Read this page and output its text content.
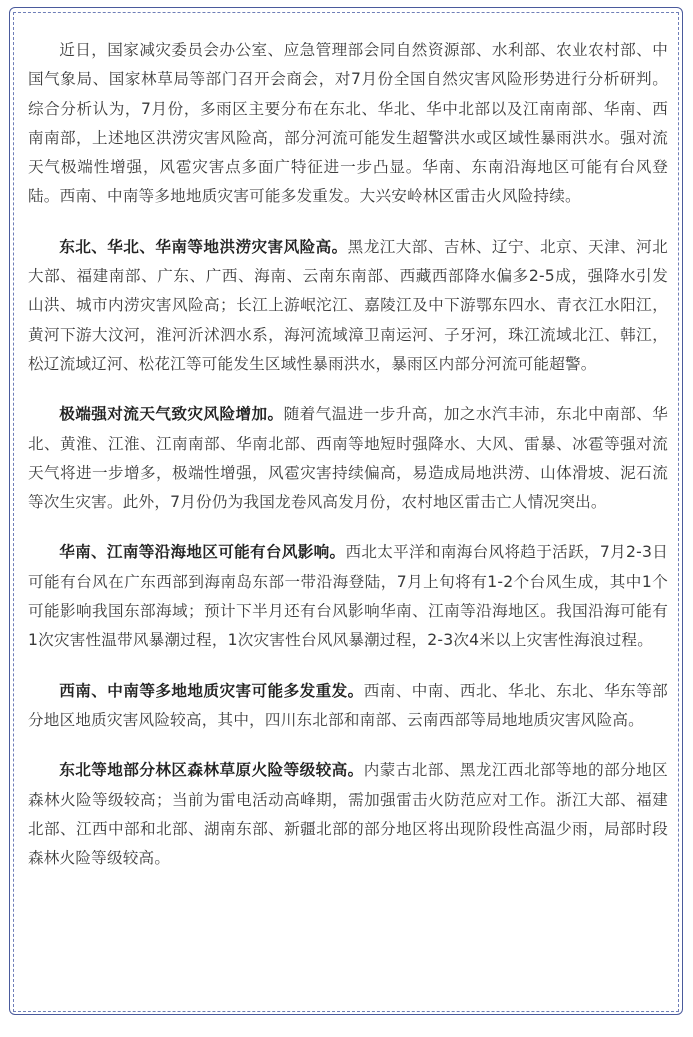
近日，国家减灾委员会办公室、应急管理部会同自然资源部、水利部、农业农村部、中国气象局、国家林草局等部门召开会商会，对7月份全国自然灾害风险形势进行分析研判。综合分析认为，7月份，多雨区主要分布在东北、华北、华中北部以及江南南部、华南、西南南部，上述地区洪涝灾害风险高，部分河流可能发生超警洪水或区域性暴雨洪水。强对流天气极端性增强，风雹灾害点多面广特征进一步凸显。华南、东南沿海地区可能有台风登陆。西南、中南等多地地质灾害可能多发重发。大兴安岭林区雷击火风险持续。

东北、华北、华南等地洪涝灾害风险高。黑龙江大部、吉林、辽宁、北京、天津、河北大部、福建南部、广东、广西、海南、云南东南部、西藏西部降水偏多2-5成，强降水引发山洪、城市内涝灾害风险高；长江上游岷沱江、嘉陵江及中下游鄂东四水、青衣江水阳江，黄河下游大汶河，淮河沂沭泗水系，海河流域漳卫南运河、子牙河，珠江流域北江、韩江，松辽流域辽河、松花江等可能发生区域性暴雨洪水，暴雨区内部分河流可能超警。

极端强对流天气致灾风险增加。随着气温进一步升高，加之水汽丰沛，东北中南部、华北、黄淮、江淮、江南南部、华南北部、西南等地短时强降水、大风、雷暴、冰雹等强对流天气将进一步增多，极端性增强，风雹灾害持续偏高，易造成局地洪涝、山体滑坡、泥石流等次生灾害。此外，7月份仍为我国龙卷风高发月份，农村地区雷击亡人情况突出。

华南、江南等沿海地区可能有台风影响。西北太平洋和南海台风将趋于活跃，7月2-3日可能有台风在广东西部到海南岛东部一带沿海登陆，7月上旬将有1-2个台风生成，其中1个可能影响我国东部海域；预计下半月还有台风影响华南、江南等沿海地区。我国沿海可能有1次灾害性温带风暴潮过程，1次灾害性台风风暴潮过程，2-3次4米以上灾害性海浪过程。

西南、中南等多地地质灾害可能多发重发。西南、中南、西北、华北、东北、华东等部分地区地质灾害风险较高，其中，四川东北部和南部、云南西部等局地地质灾害风险高。

东北等地部分林区森林草原火险等级较高。内蒙古北部、黑龙江西北部等地的部分地区森林火险等级较高；当前为雷电活动高峰期，需加强雷击火防范应对工作。浙江大部、福建北部、江西中部和北部、湖南东部、新疆北部的部分地区将出现阶段性高温少雨，局部时段森林火险等级较高。
